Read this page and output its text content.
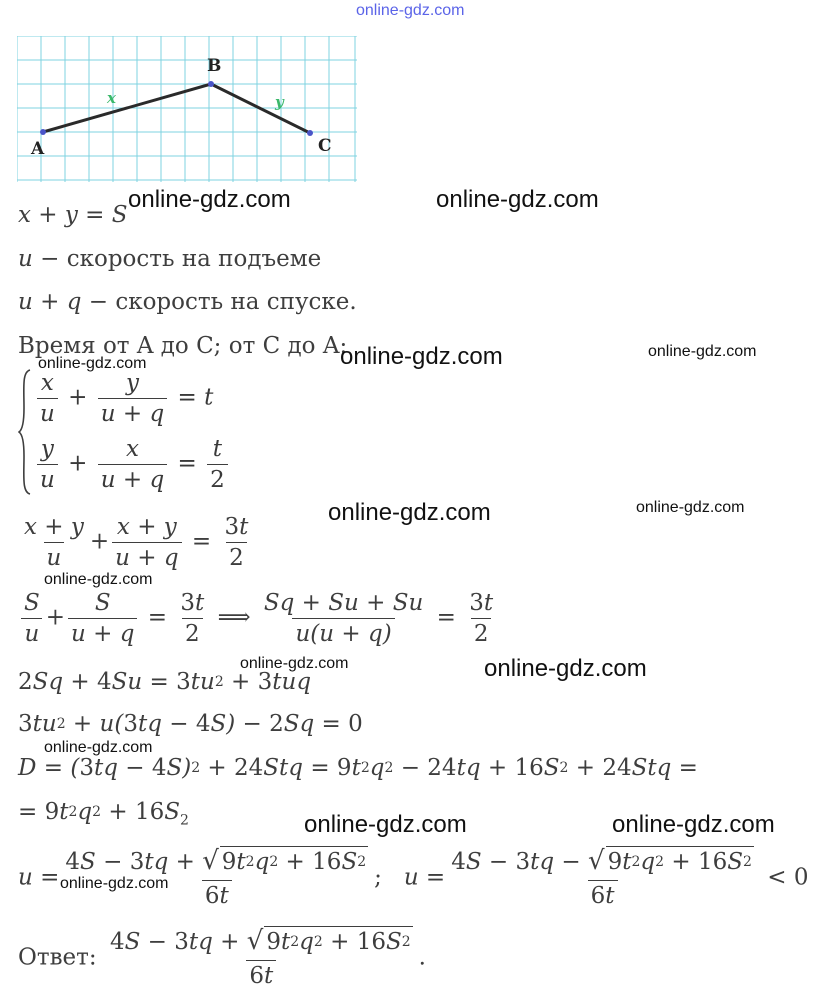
online-gdz.com
A
B
C
x	y
x + y = S
u − скорость на подъеме
u + q − скорость на спуске.
Время от A до C; от C до A:
$\frac{x}{u} + \frac{y}{u + q} = t$
$\frac{y}{u} + \frac{x}{u + q} = \frac{t}{2}$
$\frac{x + y}{u} + \frac{x + y}{u + q} = \frac{3t}{2}$
$\frac{S}{u} + \frac{S}{u + q} = \frac{3t}{2}$ ⟹ $\frac{Sq + Su + Su}{u(u + q)} = \frac{3t}{2}$
$2Sq + 4Su = 3tu^2 + 3tuq$
$3tu^2 + u(3tq - 4S) - 2Sq = 0$
$D = (3tq - 4S)^2 + 24Stq = 9t^2q^2 - 24tq + 16S^2 + 24Stq$ =
= $9t^2q^2 + 16S_2$
$u = \frac{4S - 3tq + √ 9t^2q^2 + 16S^2}{6t}$ ;   $u = \frac{4S - 3tq - √ 9t^2q^2 + 16S^2}{6t} < 0$
Ответ: $\frac{4S - 3tq + √ 9t^2q^2 + 16S^2}{6t}$ .
online-gdz.com	online-gdz.com
online-gdz.com	online-gdz.com
online-gdz.com
online-gdz.com	online-gdz.com
online-gdz.com
online-gdz.com	online-gdz.com
online-gdz.com
online-gdz.com	online-gdz.com
online-gdz.com
